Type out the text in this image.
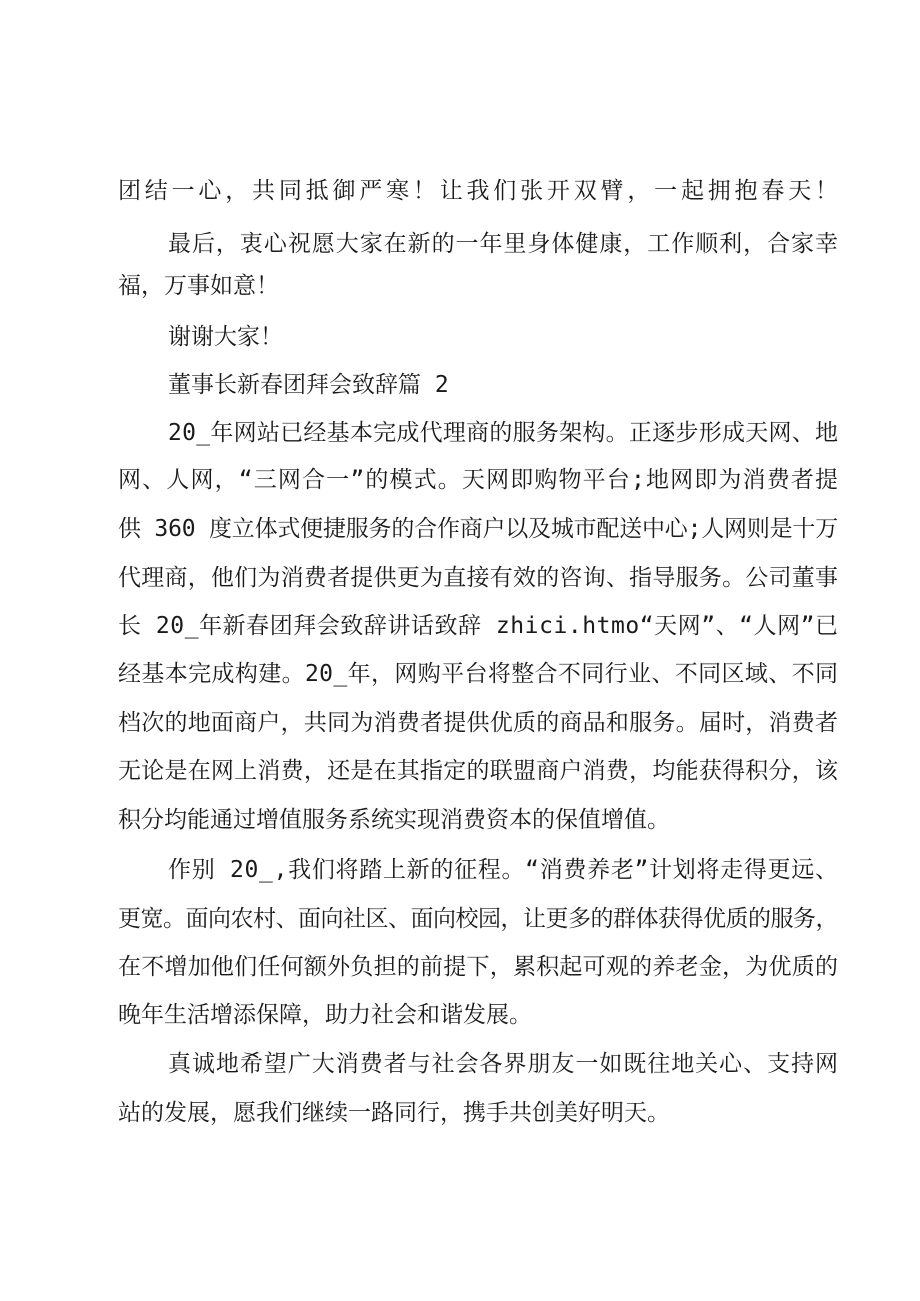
团结一心，共同抵御严寒！让我们张开双臂，一起拥抱春天！
最后，衷心祝愿大家在新的一年里身体健康，工作顺利，合家幸
福，万事如意！
谢谢大家！
董事长新春团拜会致辞篇 2
20_年网站已经基本完成代理商的服务架构。正逐步形成天网、地
网、人网，“三网合一”的模式。天网即购物平台;地网即为消费者提
供 360 度立体式便捷服务的合作商户以及城市配送中心;人网则是十万
代理商，他们为消费者提供更为直接有效的咨询、指导服务。公司董事
长 20_年新春团拜会致辞讲话致辞 zhici.htmo“天网”、“人网”已
经基本完成构建。20_年，网购平台将整合不同行业、不同区域、不同
档次的地面商户，共同为消费者提供优质的商品和服务。届时，消费者
无论是在网上消费，还是在其指定的联盟商户消费，均能获得积分，该
积分均能通过增值服务系统实现消费资本的保值增值。
作别 20_,我们将踏上新的征程。“消费养老”计划将走得更远、
更宽。面向农村、面向社区、面向校园，让更多的群体获得优质的服务，
在不增加他们任何额外负担的前提下，累积起可观的养老金，为优质的
晚年生活增添保障，助力社会和谐发展。
真诚地希望广大消费者与社会各界朋友一如既往地关心、支持网
站的发展，愿我们继续一路同行，携手共创美好明天。
